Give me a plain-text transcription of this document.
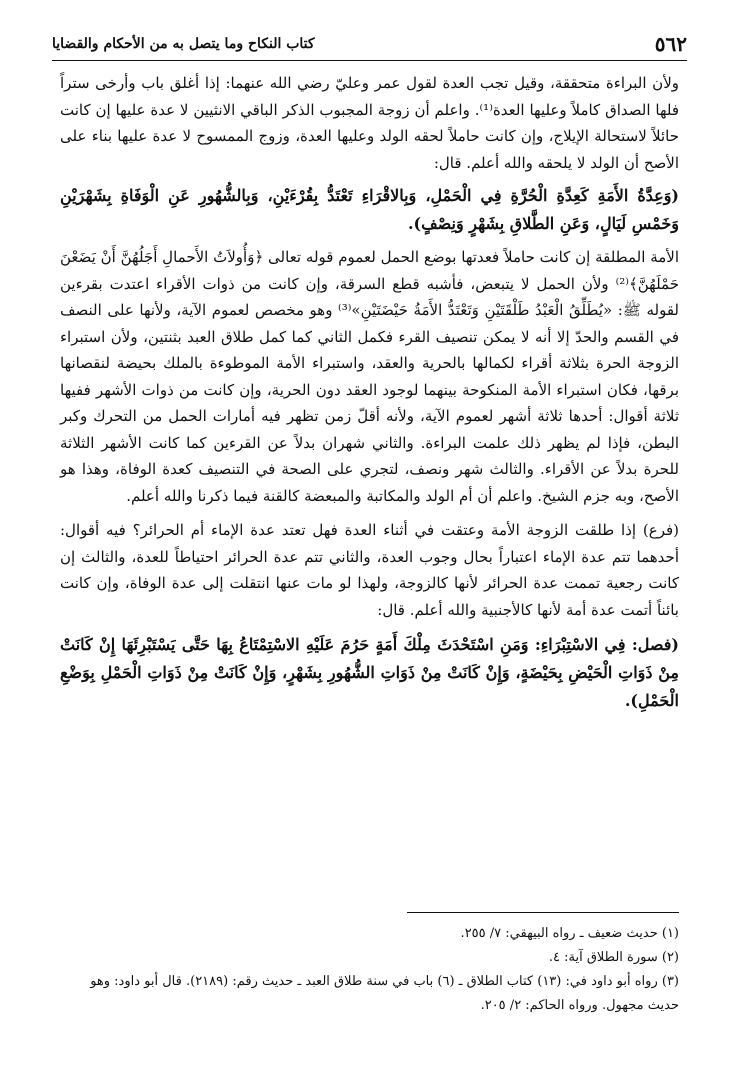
٥٦٢
كتاب النكاح وما يتصل به من الأحكام والقضايا

ولأن البراءة متحققة، وقيل تجب العدة لقول عمر وعليّ رضي الله عنهما: إذا أغلق باب وأرخى ستراً فلها الصداق كاملاً وعليها العدة⁽¹⁾. واعلم أن زوجة المجبوب الذكر الباقي الانثيين لا عدة عليها إن كانت حائلاً لاستحالة الإيلاج، وإن كانت حاملاً لحقه الولد وعليها العدة، وزوج الممسوح لا عدة عليها بناء على الأصح أن الولد لا يلحقه والله أعلم. قال:

(وَعِدَّةُ الأَمَةِ كَعِدَّةِ الْحُرَّةِ فِي الْحَمْلِ، وَبِالاقْرَاءِ تَعْتَدُّ بِقُرْءَيْنِ، وَبِالشُّهُورِ عَنِ الْوَفَاةِ بِشَهْرَيْنِ وَخَمْسِ لَيَالٍ، وَعَنِ الطَّلاقِ بِشَهْرٍ وَنِصْفٍ).

الأمة المطلقة إن كانت حاملاً فعدتها بوضع الحمل لعموم قوله تعالى ﴿وَأُولاَتُ الأَحمالِ أَجَلُهُنَّ أَنْ يَضَعْنَ حَمْلَهُنَّ﴾⁽²⁾ ولأن الحمل لا يتبعض، فأشبه قطع السرقة، وإن كانت من ذوات الأقراء اعتدت بقرءين لقوله ﷺ: «يُطَلِّقُ الْعَبْدُ طَلْقَتَيْنِ وَتَعْتَدُّ الأَمَةُ حَيْضَتَيْنِ»⁽³⁾ وهو مخصص لعموم الآية، ولأنها على النصف في القسم والحدّ إلا أنه لا يمكن تنصيف القرء فكمل الثاني كما كمل طلاق العبد بثنتين، ولأن استبراء الزوجة الحرة بثلاثة أقراء لكمالها بالحرية والعقد، واستبراء الأمة الموطوءة بالملك بحيضة لنقصانها برقها، فكان استبراء الأمة المنكوحة بينهما لوجود العقد دون الحرية، وإن كانت من ذوات الأشهر ففيها ثلاثة أقوال: أحدها ثلاثة أشهر لعموم الآية، ولأنه أقلّ زمن تظهر فيه أمارات الحمل من التحرك وكبر البطن، فإذا لم يظهر ذلك علمت البراءة. والثاني شهران بدلاً عن القرءين كما كانت الأشهر الثلاثة للحرة بدلاً عن الأقراء. والثالث شهر ونصف، لتجري على الصحة في التنصيف كعدة الوفاة، وهذا هو الأصح، وبه جزم الشيخ. واعلم أن أم الولد والمكاتبة والمبعضة كالقنة فيما ذكرنا والله أعلم.

(فرع) إذا طلقت الزوجة الأمة وعتقت في أثناء العدة فهل تعتد عدة الإماء أم الحرائر؟ فيه أقوال: أحدهما تتم عدة الإماء اعتباراً بحال وجوب العدة، والثاني تتم عدة الحرائر احتياطاً للعدة، والثالث إن كانت رجعية تممت عدة الحرائر لأنها كالزوجة، ولهذا لو مات عنها انتقلت إلى عدة الوفاة، وإن كانت بائناً أتمت عدة أمة لأنها كالأجنبية والله أعلم. قال:

(فصل: فِي الاسْتِبْرَاءِ: وَمَنِ اسْتَحْدَثَ مِلْكَ أَمَةٍ حَرُمَ عَلَيْهِ الاسْتِمْتَاعُ بِهَا حَتَّى يَسْتَبْرِئَهَا إِنْ كَانَتْ مِنْ ذَوَاتِ الْحَيْضِ بِحَيْضَةٍ، وَإِنْ كَانَتْ مِنْ ذَوَاتِ الشُّهُورِ بِشَهْرٍ، وَإِنْ كَانَتْ مِنْ ذَوَاتِ الْحَمْلِ بِوَضْعِ الْحَمْلِ).

(١) حديث ضعيف ـ رواه البيهقي: ٧/ ٢٥٥.
(٢) سورة الطلاق آية: ٤.
(٣) رواه أبو داود في: (١٣) كتاب الطلاق ـ (٦) باب في سنة طلاق العبد ـ حديث رقم: (٢١٨٩). قال أبو داود: وهو حديث مجهول. ورواه الحاكم: ٢/ ٢٠٥.
